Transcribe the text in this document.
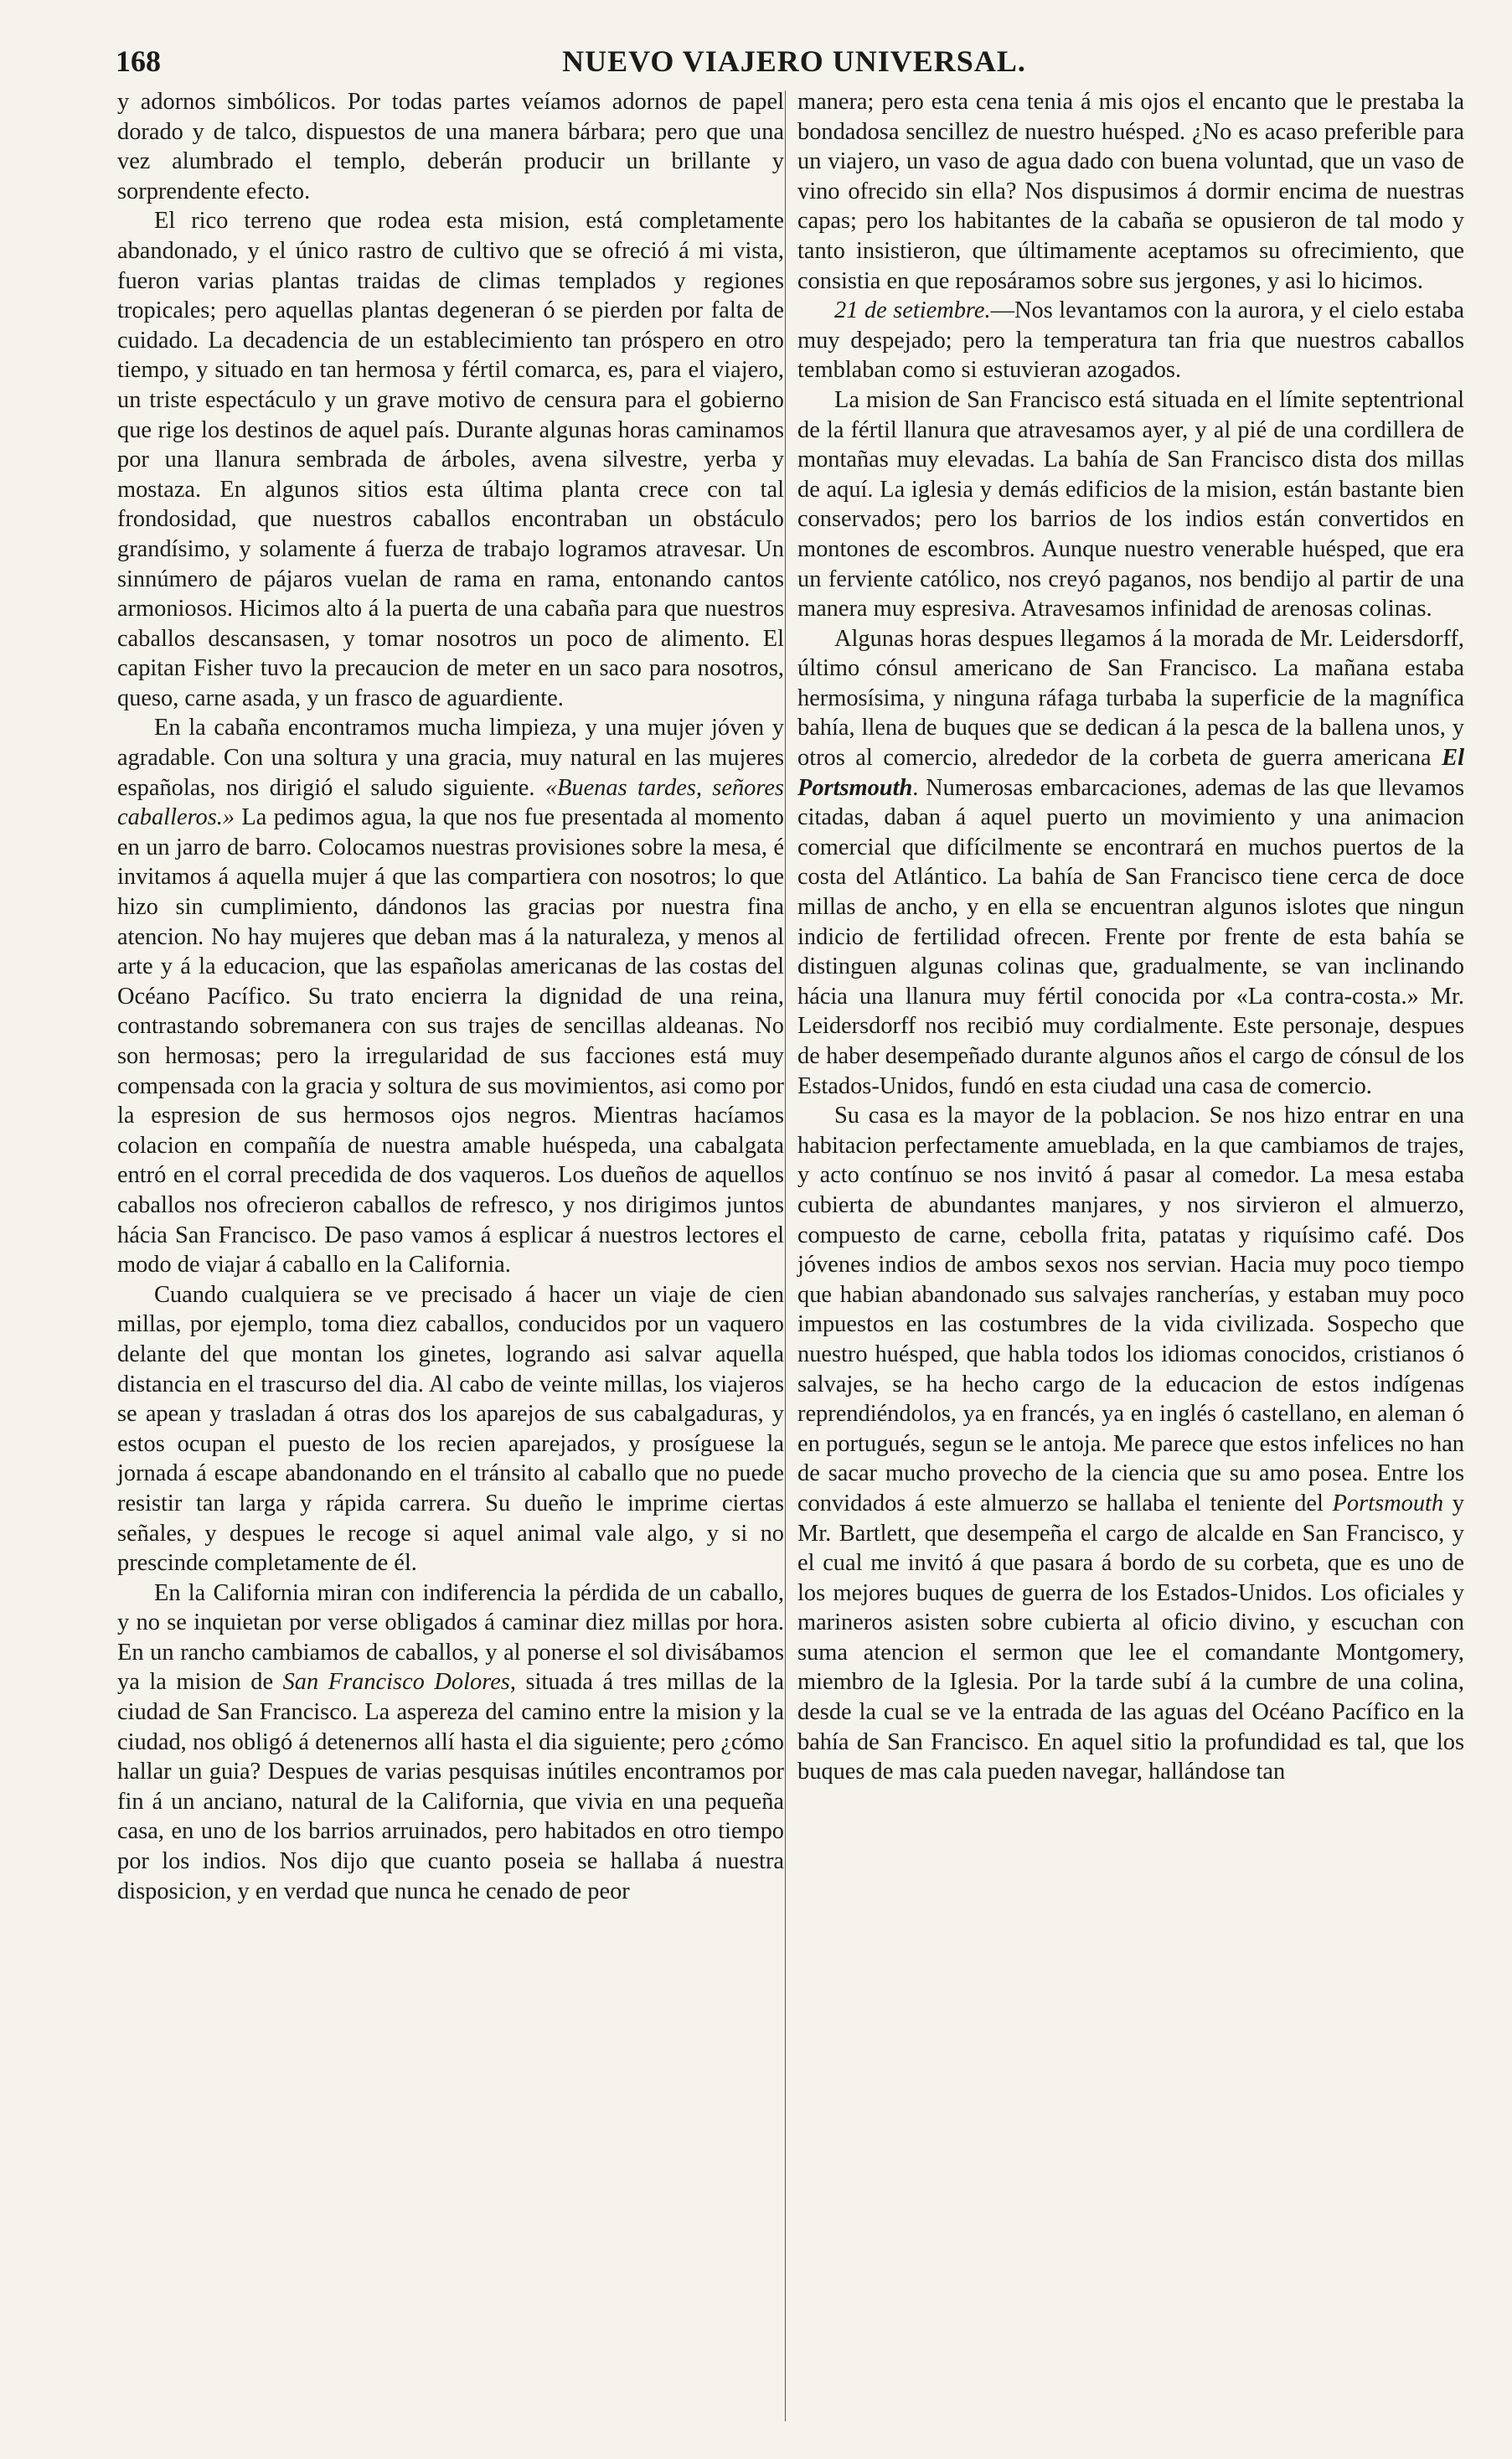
168	NUEVO VIAJERO UNIVERSAL.

y adornos simbólicos. Por todas partes veíamos adornos de papel dorado y de talco, dispuestos de una manera bárbara; pero que una vez alumbrado el templo, deberán producir un brillante y sorprendente efecto.

El rico terreno que rodea esta mision, está completamente abandonado, y el único rastro de cultivo que se ofreció á mi vista, fueron varias plantas traidas de climas templados y regiones tropicales; pero aquellas plantas degeneran ó se pierden por falta de cuidado. La decadencia de un establecimiento tan próspero en otro tiempo, y situado en tan hermosa y fértil comarca, es, para el viajero, un triste espectáculo y un grave motivo de censura para el gobierno que rige los destinos de aquel país. Durante algunas horas caminamos por una llanura sembrada de árboles, avena silvestre, yerba y mostaza. En algunos sitios esta última planta crece con tal frondosidad, que nuestros caballos encontraban un obstáculo grandísimo, y solamente á fuerza de trabajo logramos atravesar. Un sinnúmero de pájaros vuelan de rama en rama, entonando cantos armoniosos. Hicimos alto á la puerta de una cabaña para que nuestros caballos descansasen, y tomar nosotros un poco de alimento. El capitan Fisher tuvo la precaucion de meter en un saco para nosotros, queso, carne asada, y un frasco de aguardiente.

En la cabaña encontramos mucha limpieza, y una mujer jóven y agradable. Con una soltura y una gracia, muy natural en las mujeres españolas, nos dirigió el saludo siguiente. «Buenas tardes, señores caballeros.» La pedimos agua, la que nos fue presentada al momento en un jarro de barro. Colocamos nuestras provisiones sobre la mesa, é invitamos á aquella mujer á que las compartiera con nosotros; lo que hizo sin cumplimiento, dándonos las gracias por nuestra fina atencion. No hay mujeres que deban mas á la naturaleza, y menos al arte y á la educacion, que las españolas americanas de las costas del Océano Pacífico. Su trato encierra la dignidad de una reina, contrastando sobremanera con sus trajes de sencillas aldeanas. No son hermosas; pero la irregularidad de sus facciones está muy compensada con la gracia y soltura de sus movimientos, asi como por la espresion de sus hermosos ojos negros. Mientras hacíamos colacion en compañía de nuestra amable huéspeda, una cabalgata entró en el corral precedida de dos vaqueros. Los dueños de aquellos caballos nos ofrecieron caballos de refresco, y nos dirigimos juntos hácia San Francisco. De paso vamos á esplicar á nuestros lectores el modo de viajar á caballo en la California.

Cuando cualquiera se ve precisado á hacer un viaje de cien millas, por ejemplo, toma diez caballos, conducidos por un vaquero delante del que montan los ginetes, logrando asi salvar aquella distancia en el trascurso del dia. Al cabo de veinte millas, los viajeros se apean y trasladan á otras dos los aparejos de sus cabalgaduras, y estos ocupan el puesto de los recien aparejados, y prosíguese la jornada á escape abandonando en el tránsito al caballo que no puede resistir tan larga y rápida carrera. Su dueño le imprime ciertas señales, y despues le recoge si aquel animal vale algo, y si no prescinde completamente de él.

En la California miran con indiferencia la pérdida de un caballo, y no se inquietan por verse obligados á caminar diez millas por hora. En un rancho cambiamos de caballos, y al ponerse el sol divisábamos ya la mision de San Francisco Dolores, situada á tres millas de la ciudad de San Francisco. La aspereza del camino entre la mision y la ciudad, nos obligó á detenernos allí hasta el dia siguiente; pero ¿cómo hallar un guia? Despues de varias pesquisas inútiles encontramos por fin á un anciano, natural de la California, que vivia en una pequeña casa, en uno de los barrios arruinados, pero habitados en otro tiempo por los indios. Nos dijo que cuanto poseia se hallaba á nuestra disposicion, y en verdad que nunca he cenado de peor

manera; pero esta cena tenia á mis ojos el encanto que le prestaba la bondadosa sencillez de nuestro huésped. ¿No es acaso preferible para un viajero, un vaso de agua dado con buena voluntad, que un vaso de vino ofrecido sin ella? Nos dispusimos á dormir encima de nuestras capas; pero los habitantes de la cabaña se opusieron de tal modo y tanto insistieron, que últimamente aceptamos su ofrecimiento, que consistia en que reposáramos sobre sus jergones, y asi lo hicimos.

21 de setiembre.—Nos levantamos con la aurora, y el cielo estaba muy despejado; pero la temperatura tan fria que nuestros caballos temblaban como si estuvieran azogados.

La mision de San Francisco está situada en el límite septentrional de la fértil llanura que atravesamos ayer, y al pié de una cordillera de montañas muy elevadas. La bahía de San Francisco dista dos millas de aquí. La iglesia y demás edificios de la mision, están bastante bien conservados; pero los barrios de los indios están convertidos en montones de escombros. Aunque nuestro venerable huésped, que era un ferviente católico, nos creyó paganos, nos bendijo al partir de una manera muy espresiva. Atravesamos infinidad de arenosas colinas.

Algunas horas despues llegamos á la morada de Mr. Leidersdorff, último cónsul americano de San Francisco. La mañana estaba hermosísima, y ninguna ráfaga turbaba la superficie de la magnífica bahía, llena de buques que se dedican á la pesca de la ballena unos, y otros al comercio, alrededor de la corbeta de guerra americana El Portsmouth. Numerosas embarcaciones, ademas de las que llevamos citadas, daban á aquel puerto un movimiento y una animacion comercial que difícilmente se encontrará en muchos puertos de la costa del Atlántico. La bahía de San Francisco tiene cerca de doce millas de ancho, y en ella se encuentran algunos islotes que ningun indicio de fertilidad ofrecen. Frente por frente de esta bahía se distinguen algunas colinas que, gradualmente, se van inclinando hácia una llanura muy fértil conocida por «La contra-costa.» Mr. Leidersdorff nos recibió muy cordialmente. Este personaje, despues de haber desempeñado durante algunos años el cargo de cónsul de los Estados-Unidos, fundó en esta ciudad una casa de comercio.

Su casa es la mayor de la poblacion. Se nos hizo entrar en una habitacion perfectamente amueblada, en la que cambiamos de trajes, y acto contínuo se nos invitó á pasar al comedor. La mesa estaba cubierta de abundantes manjares, y nos sirvieron el almuerzo, compuesto de carne, cebolla frita, patatas y riquísimo café. Dos jóvenes indios de ambos sexos nos servian. Hacia muy poco tiempo que habian abandonado sus salvajes rancherías, y estaban muy poco impuestos en las costumbres de la vida civilizada. Sospecho que nuestro huésped, que habla todos los idiomas conocidos, cristianos ó salvajes, se ha hecho cargo de la educacion de estos indígenas reprendiéndolos, ya en francés, ya en inglés ó castellano, en aleman ó en portugués, segun se le antoja. Me parece que estos infelices no han de sacar mucho provecho de la ciencia que su amo posea. Entre los convidados á este almuerzo se hallaba el teniente del Portsmouth y Mr. Bartlett, que desempeña el cargo de alcalde en San Francisco, y el cual me invitó á que pasara á bordo de su corbeta, que es uno de los mejores buques de guerra de los Estados-Unidos. Los oficiales y marineros asisten sobre cubierta al oficio divino, y escuchan con suma atencion el sermon que lee el comandante Montgomery, miembro de la Iglesia. Por la tarde subí á la cumbre de una colina, desde la cual se ve la entrada de las aguas del Océano Pacífico en la bahía de San Francisco. En aquel sitio la profundidad es tal, que los buques de mas cala pueden navegar, hallándose tan
